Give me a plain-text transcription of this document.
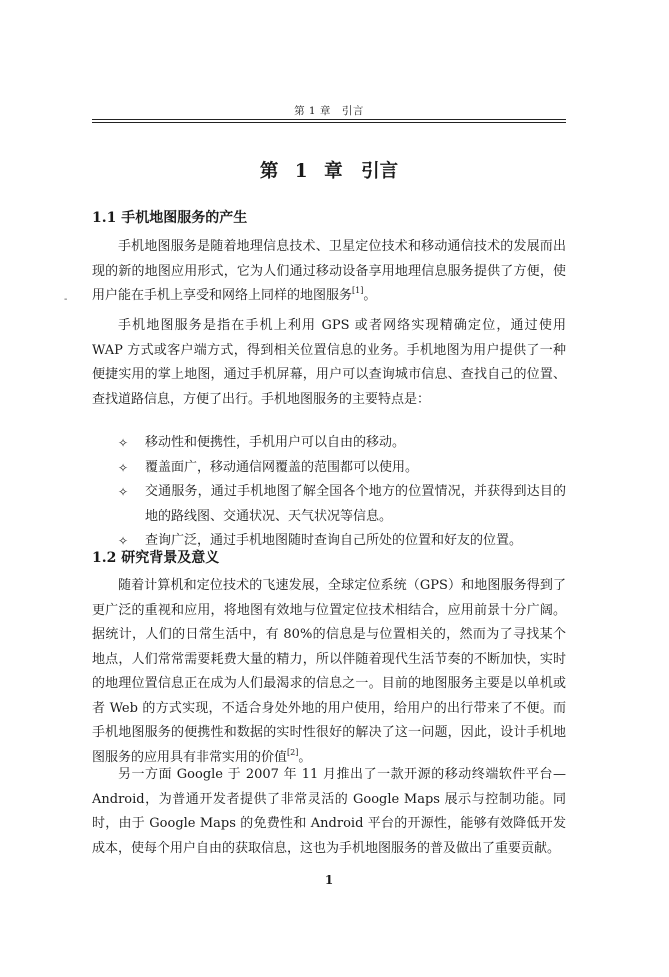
第 1 章　引言
第 1 章　引言
1.1 手机地图服务的产生
-

手机地图服务是随着地理信息技术、卫星定位技术和移动通信技术的发展而出现的新的地图应用形式，它为人们通过移动设备享用地理信息服务提供了方便，使用户能在手机上享受和网络上同样的地图服务[1]。

手机地图服务是指在手机上利用 GPS 或者网络实现精确定位，通过使用 WAP 方式或客户端方式，得到相关位置信息的业务。手机地图为用户提供了一种便捷实用的掌上地图，通过手机屏幕，用户可以查询城市信息、查找自己的位置、查找道路信息，方便了出行。手机地图服务的主要特点是：

✧ 移动性和便携性，手机用户可以自由的移动。
✧ 覆盖面广，移动通信网覆盖的范围都可以使用。
✧ 交通服务，通过手机地图了解全国各个地方的位置情况，并获得到达目的地的路线图、交通状况、天气状况等信息。
✧ 查询广泛，通过手机地图随时查询自己所处的位置和好友的位置。
1.2 研究背景及意义

随着计算机和定位技术的飞速发展，全球定位系统（GPS）和地图服务得到了更广泛的重视和应用，将地图有效地与位置定位技术相结合，应用前景十分广阔。据统计，人们的日常生活中，有 80%的信息是与位置相关的，然而为了寻找某个地点，人们常常需要耗费大量的精力，所以伴随着现代生活节奏的不断加快，实时的地理位置信息正在成为人们最渴求的信息之一。目前的地图服务主要是以单机或者 Web 的方式实现，不适合身处外地的用户使用，给用户的出行带来了不便。而手机地图服务的便携性和数据的实时性很好的解决了这一问题，因此，设计手机地图服务的应用具有非常实用的价值[2]。

另一方面 Google 于 2007 年 11 月推出了一款开源的移动终端软件平台—Android，为普通开发者提供了非常灵活的 Google Maps 展示与控制功能。同时，由于 Google Maps 的免费性和 Android 平台的开源性，能够有效降低开发成本，使每个用户自由的获取信息，这也为手机地图服务的普及做出了重要贡献。

1
